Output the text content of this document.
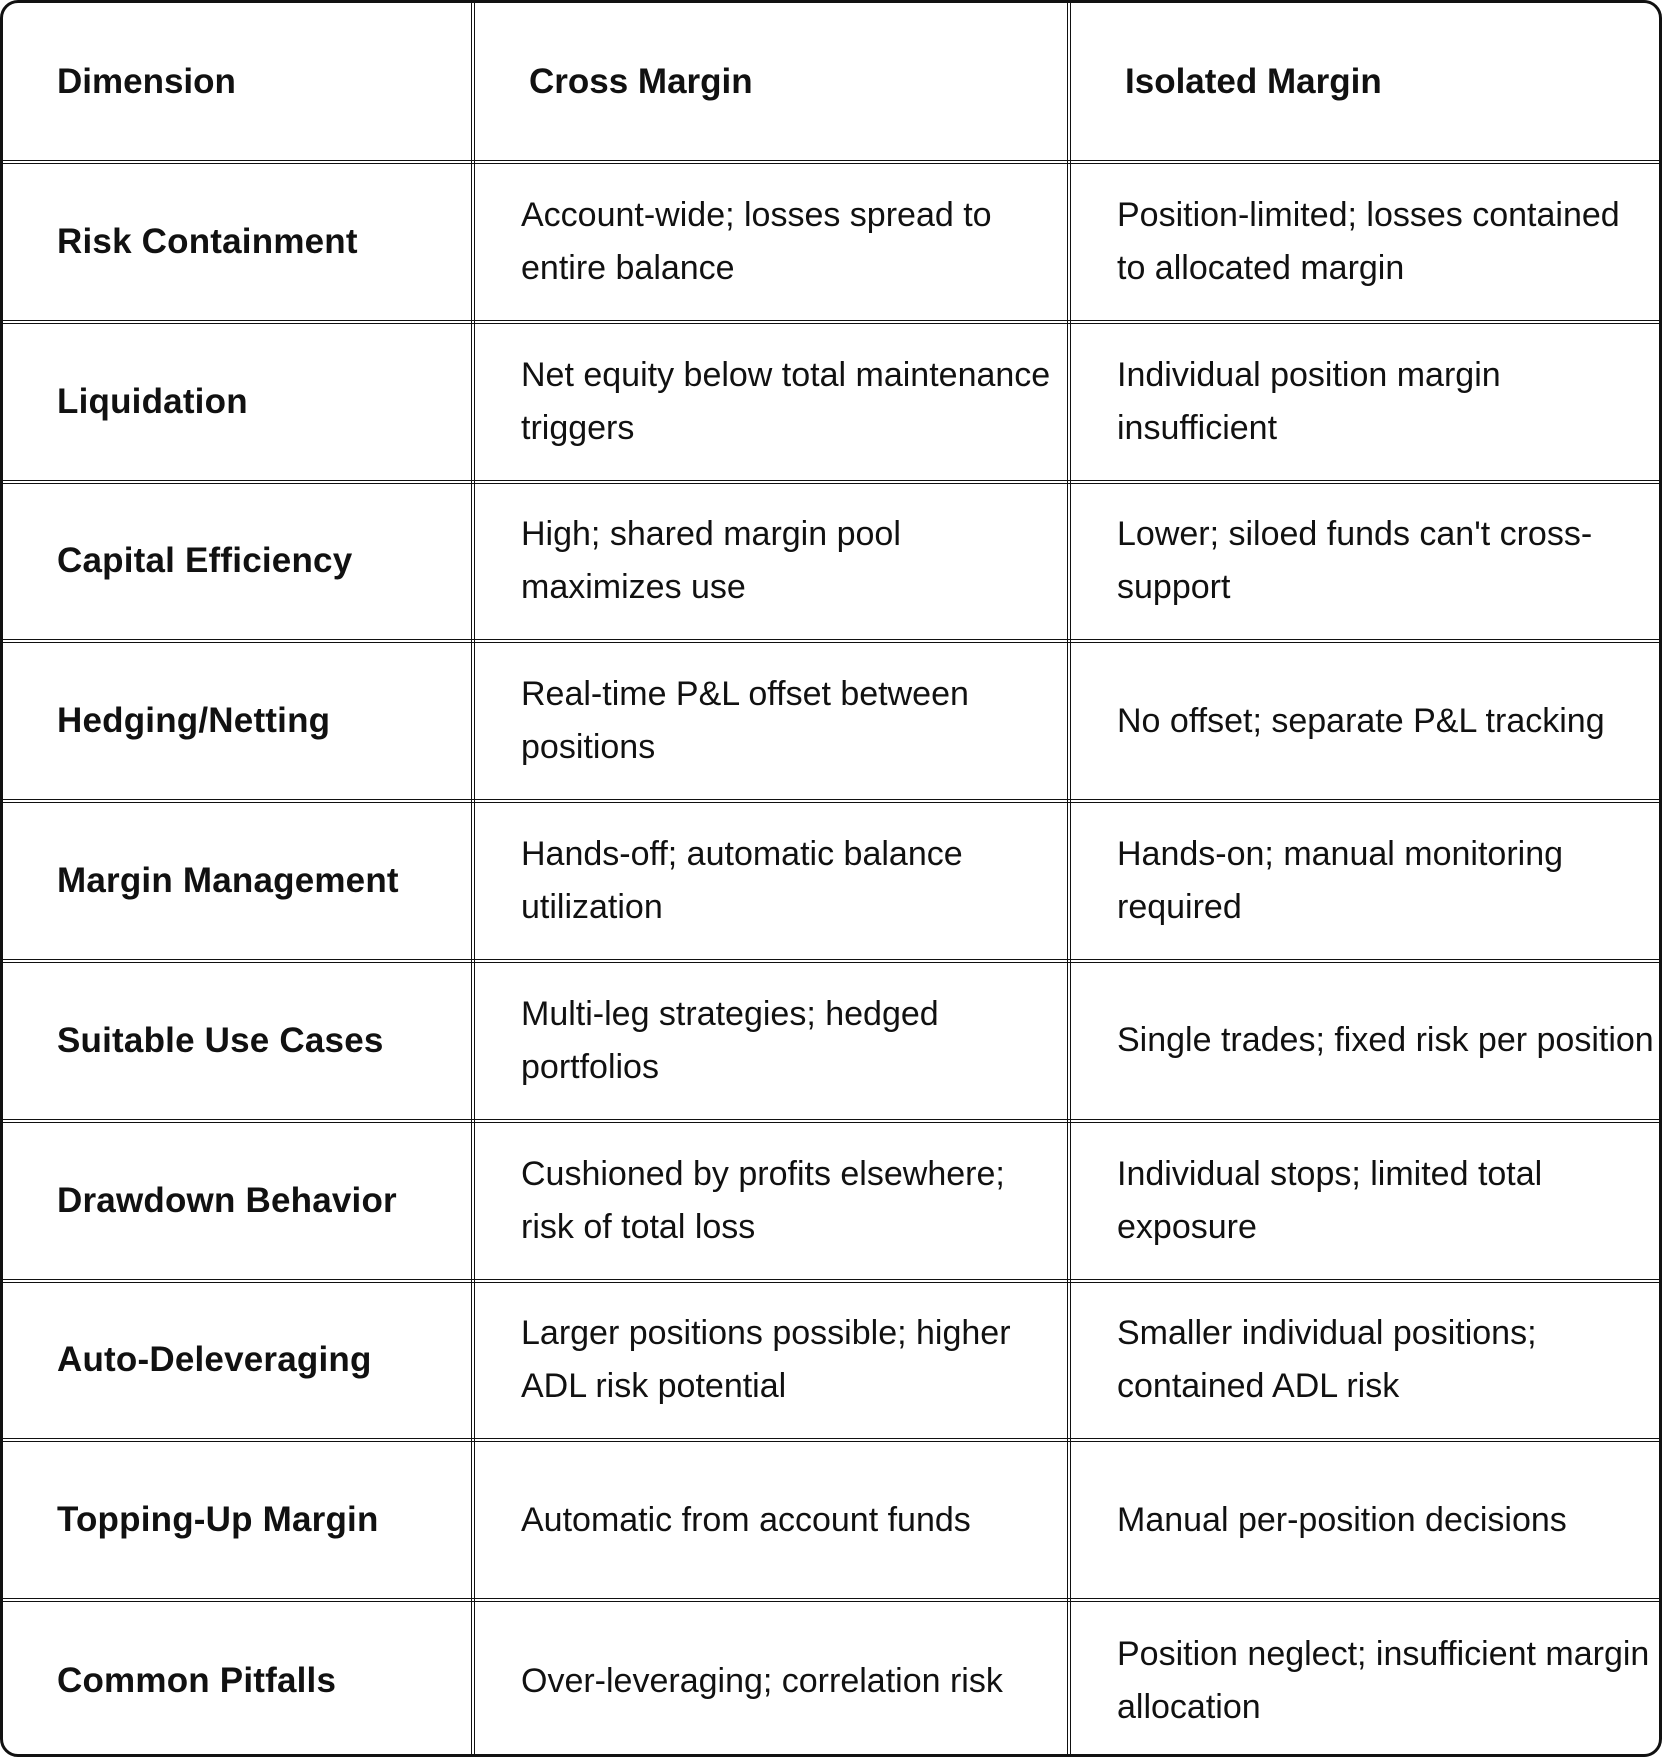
Dimension	Cross Margin	Isolated Margin
Risk Containment	Account-wide; losses spread to entire balance	Position-limited; losses contained to allocated margin
Liquidation	Net equity below total maintenance triggers	Individual position margin insufficient
Capital Efficiency	High; shared margin pool maximizes use	Lower; siloed funds can't cross-support
Hedging/Netting	Real-time P&L offset between positions	No offset; separate P&L tracking
Margin Management	Hands-off; automatic balance utilization	Hands-on; manual monitoring required
Suitable Use Cases	Multi-leg strategies; hedged portfolios	Single trades; fixed risk per position
Drawdown Behavior	Cushioned by profits elsewhere; risk of total loss	Individual stops; limited total exposure
Auto-Deleveraging	Larger positions possible; higher ADL risk potential	Smaller individual positions; contained ADL risk
Topping-Up Margin	Automatic from account funds	Manual per-position decisions
Common Pitfalls	Over-leveraging; correlation risk	Position neglect; insufficient margin allocation
